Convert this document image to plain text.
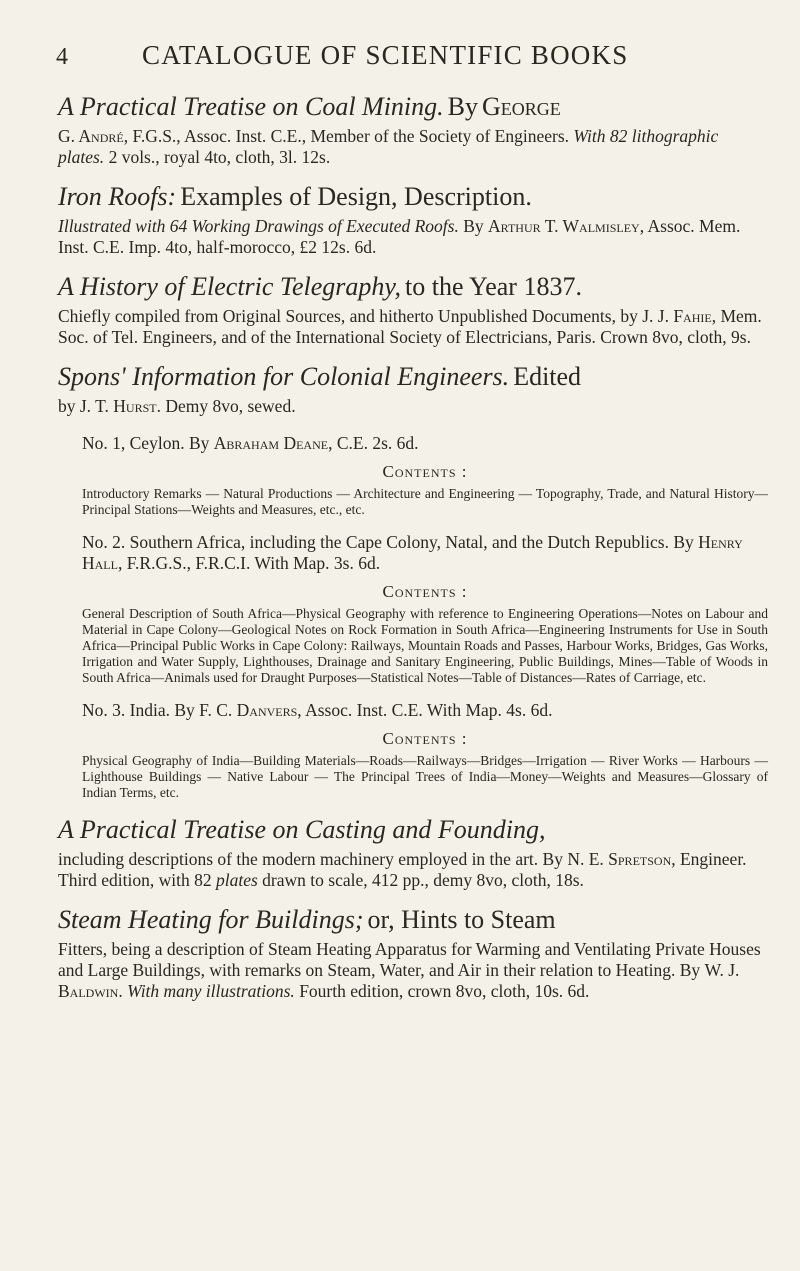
4	CATALOGUE OF SCIENTIFIC BOOKS

A Practical Treatise on Coal Mining. By George

G. André, F.G.S., Assoc. Inst. C.E., Member of the Society of Engineers. With 82 lithographic plates. 2 vols., royal 4to, cloth, 3l. 12s.

Iron Roofs: Examples of Design, Description.

Illustrated with 64 Working Drawings of Executed Roofs. By Arthur T. Walmisley, Assoc. Mem. Inst. C.E. Imp. 4to, half-morocco, £2 12s. 6d.

A History of Electric Telegraphy, to the Year 1837.

Chiefly compiled from Original Sources, and hitherto Unpublished Documents, by J. J. Fahie, Mem. Soc. of Tel. Engineers, and of the International Society of Electricians, Paris. Crown 8vo, cloth, 9s.

Spons' Information for Colonial Engineers. Edited

by J. T. Hurst. Demy 8vo, sewed.

No. 1, Ceylon. By Abraham Deane, C.E. 2s. 6d.

Contents :

Introductory Remarks — Natural Productions — Architecture and Engineering — Topography, Trade, and Natural History—Principal Stations—Weights and Measures, etc., etc.

No. 2. Southern Africa, including the Cape Colony, Natal, and the Dutch Republics. By Henry Hall, F.R.G.S., F.R.C.I. With Map. 3s. 6d.

Contents :

General Description of South Africa—Physical Geography with reference to Engineering Operations—Notes on Labour and Material in Cape Colony—Geological Notes on Rock Formation in South Africa—Engineering Instruments for Use in South Africa—Principal Public Works in Cape Colony: Railways, Mountain Roads and Passes, Harbour Works, Bridges, Gas Works, Irrigation and Water Supply, Lighthouses, Drainage and Sanitary Engineering, Public Buildings, Mines—Table of Woods in South Africa—Animals used for Draught Purposes—Statistical Notes—Table of Distances—Rates of Carriage, etc.

No. 3. India. By F. C. Danvers, Assoc. Inst. C.E. With Map. 4s. 6d.

Contents :

Physical Geography of India—Building Materials—Roads—Railways—Bridges—Irrigation — River Works — Harbours — Lighthouse Buildings — Native Labour — The Principal Trees of India—Money—Weights and Measures—Glossary of Indian Terms, etc.

A Practical Treatise on Casting and Founding,

including descriptions of the modern machinery employed in the art. By N. E. Spretson, Engineer. Third edition, with 82 plates drawn to scale, 412 pp., demy 8vo, cloth, 18s.

Steam Heating for Buildings; or, Hints to Steam

Fitters, being a description of Steam Heating Apparatus for Warming and Ventilating Private Houses and Large Buildings, with remarks on Steam, Water, and Air in their relation to Heating. By W. J. Baldwin. With many illustrations. Fourth edition, crown 8vo, cloth, 10s. 6d.
